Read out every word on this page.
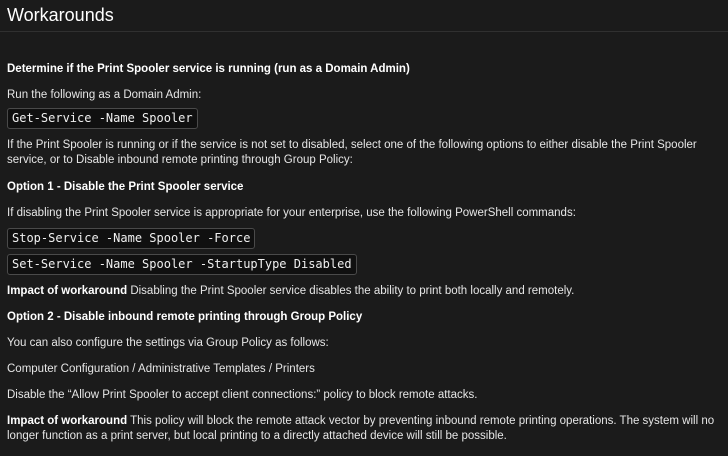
Workarounds

Determine if the Print Spooler service is running (run as a Domain Admin)

Run the following as a Domain Admin:

Get-Service -Name Spooler

If the Print Spooler is running or if the service is not set to disabled, select one of the following options to either disable the Print Spooler service, or to Disable inbound remote printing through Group Policy:

Option 1 - Disable the Print Spooler service

If disabling the Print Spooler service is appropriate for your enterprise, use the following PowerShell commands:

Stop-Service -Name Spooler -Force
Set-Service -Name Spooler -StartupType Disabled

Impact of workaround Disabling the Print Spooler service disables the ability to print both locally and remotely.

Option 2 - Disable inbound remote printing through Group Policy

You can also configure the settings via Group Policy as follows:

Computer Configuration / Administrative Templates / Printers

Disable the “Allow Print Spooler to accept client connections:” policy to block remote attacks.

Impact of workaround This policy will block the remote attack vector by preventing inbound remote printing operations. The system will no longer function as a print server, but local printing to a directly attached device will still be possible.
